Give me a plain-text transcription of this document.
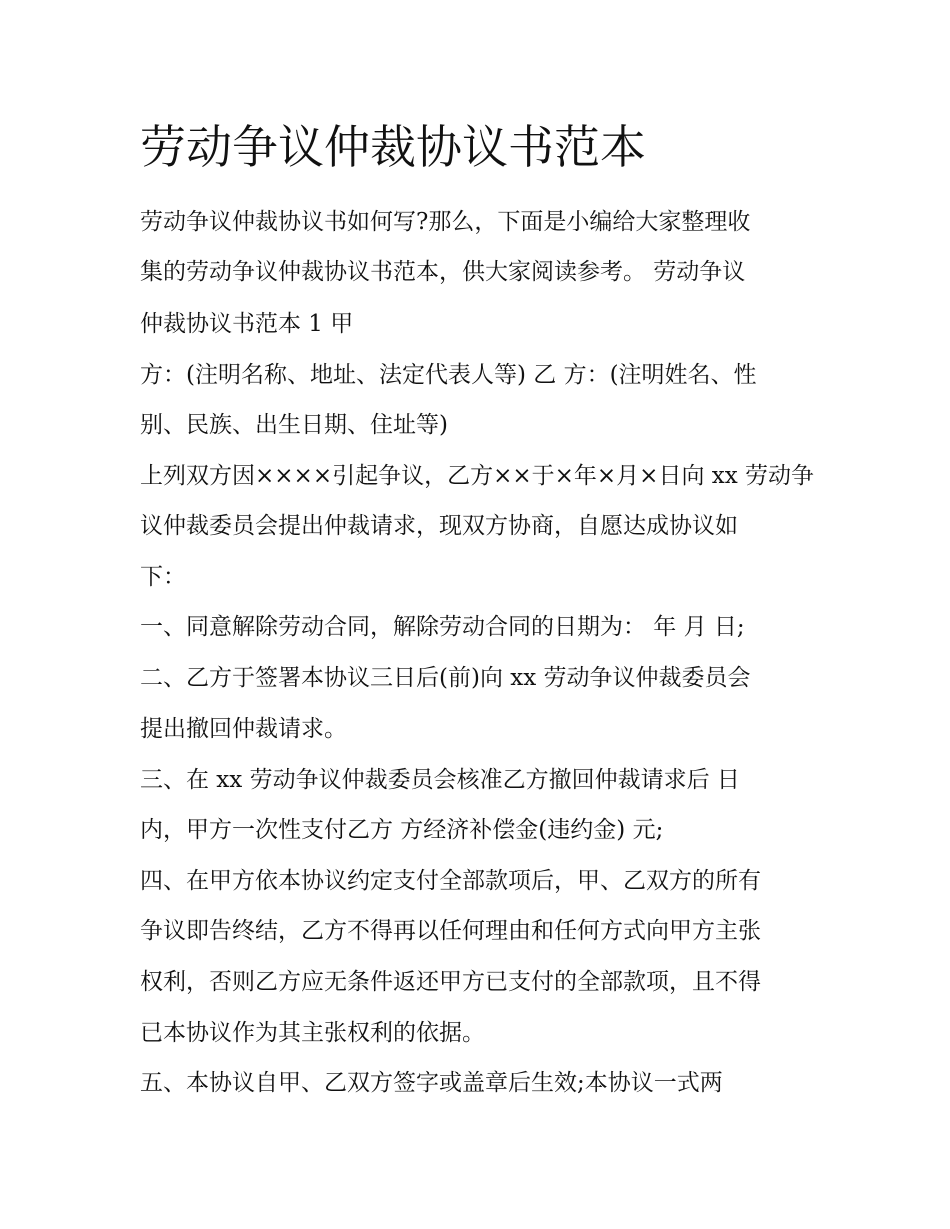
劳动争议仲裁协议书范本

劳动争议仲裁协议书如何写?那么，下面是小编给大家整理收

集的劳动争议仲裁协议书范本，供大家阅读参考。 劳动争议

仲裁协议书范本 1 甲

方：(注明名称、地址、法定代表人等) 乙 方：(注明姓名、性

别、民族、出生日期、住址等)

上列双方因××××引起争议，乙方××于×年×月×日向 xx 劳动争

议仲裁委员会提出仲裁请求，现双方协商，自愿达成协议如

下：

一、同意解除劳动合同，解除劳动合同的日期为： 年 月 日;

二、乙方于签署本协议三日后(前)向 xx 劳动争议仲裁委员会

提出撤回仲裁请求。

三、在 xx 劳动争议仲裁委员会核准乙方撤回仲裁请求后 日

内，甲方一次性支付乙方 方经济补偿金(违约金) 元;

四、在甲方依本协议约定支付全部款项后，甲、乙双方的所有

争议即告终结，乙方不得再以任何理由和任何方式向甲方主张

权利，否则乙方应无条件返还甲方已支付的全部款项，且不得

已本协议作为其主张权利的依据。

五、本协议自甲、乙双方签字或盖章后生效;本协议一式两
